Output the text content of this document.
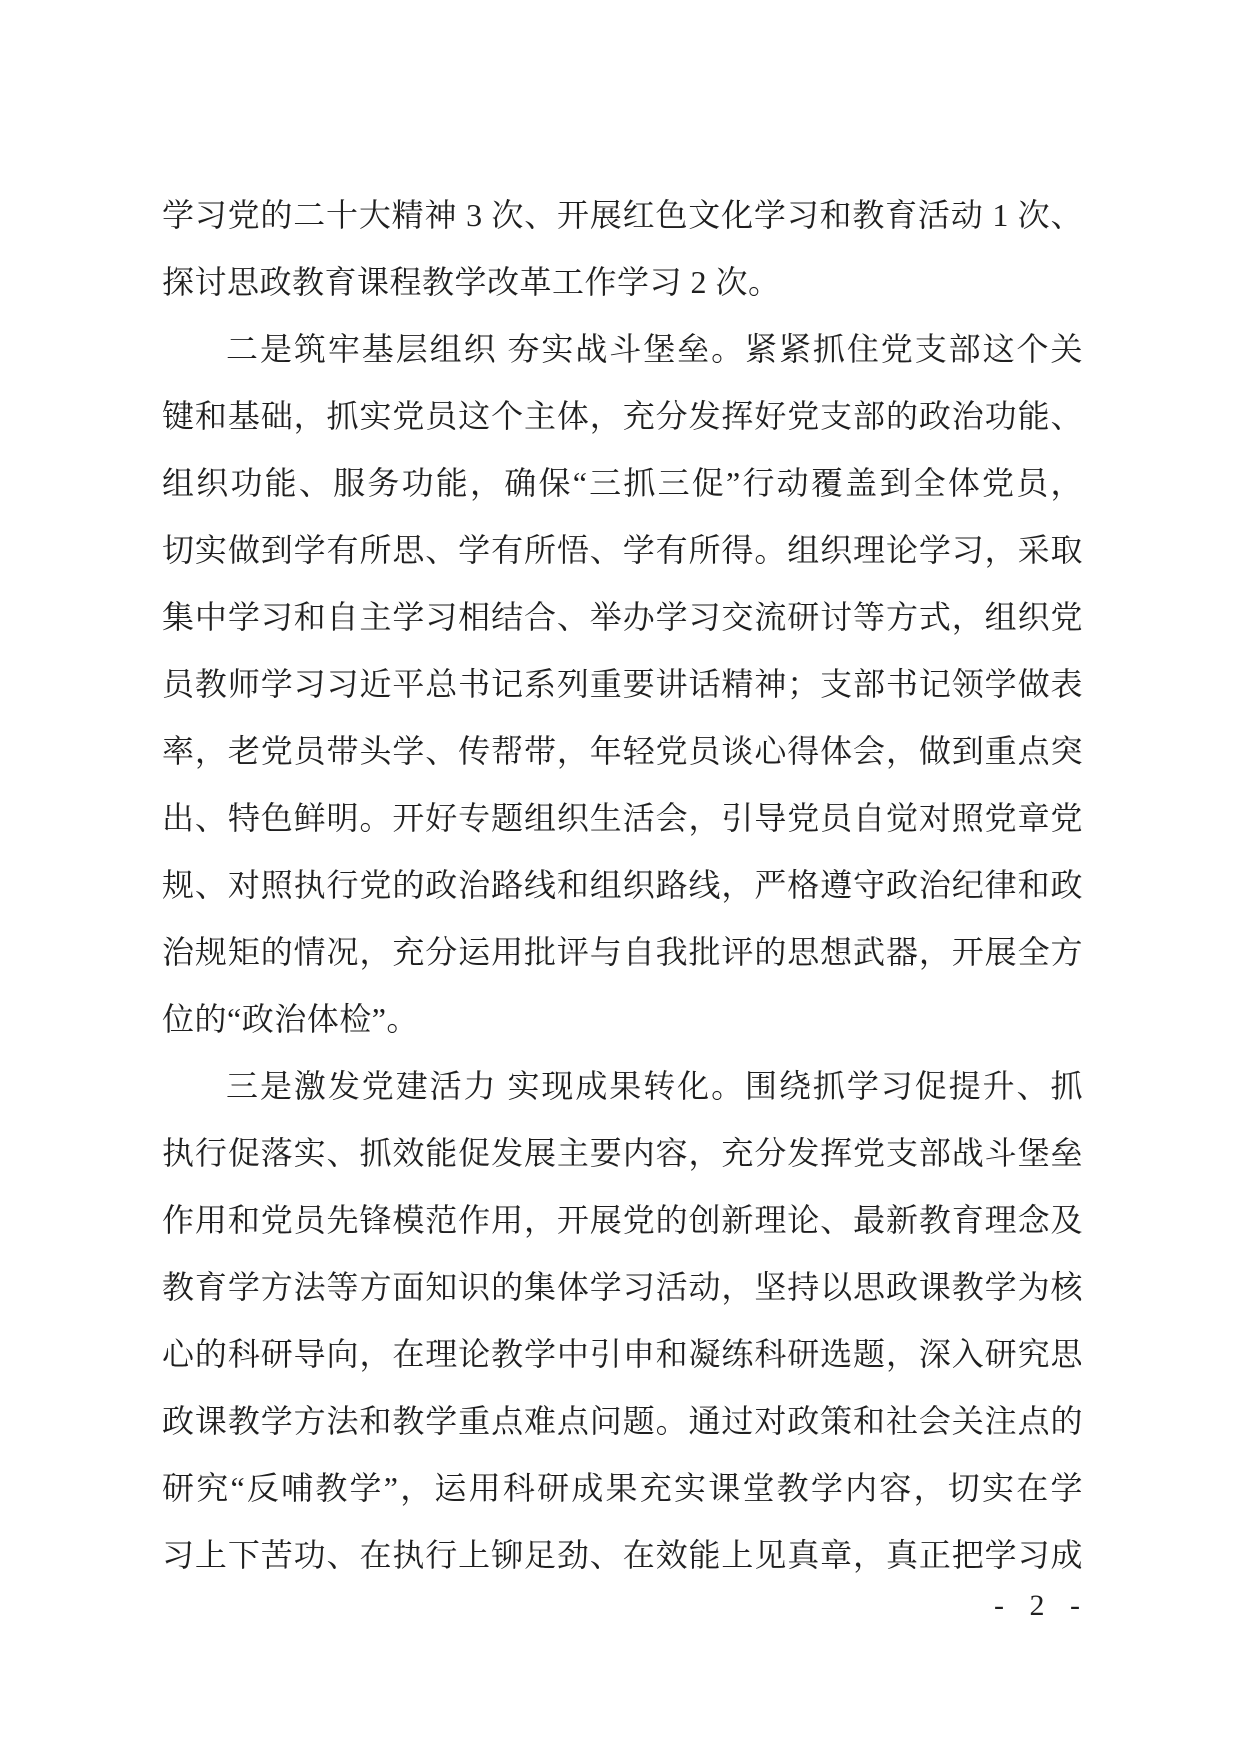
学习党的二十大精神 3 次、开展红色文化学习和教育活动 1 次、
探讨思政教育课程教学改革工作学习 2 次。
二是筑牢基层组织 夯实战斗堡垒。紧紧抓住党支部这个关
键和基础，抓实党员这个主体，充分发挥好党支部的政治功能、
组织功能、服务功能，确保“三抓三促”行动覆盖到全体党员，
切实做到学有所思、学有所悟、学有所得。组织理论学习，采取
集中学习和自主学习相结合、举办学习交流研讨等方式，组织党
员教师学习习近平总书记系列重要讲话精神；支部书记领学做表
率，老党员带头学、传帮带，年轻党员谈心得体会，做到重点突
出、特色鲜明。开好专题组织生活会，引导党员自觉对照党章党
规、对照执行党的政治路线和组织路线，严格遵守政治纪律和政
治规矩的情况，充分运用批评与自我批评的思想武器，开展全方
位的“政治体检”。
三是激发党建活力 实现成果转化。围绕抓学习促提升、抓
执行促落实、抓效能促发展主要内容，充分发挥党支部战斗堡垒
作用和党员先锋模范作用，开展党的创新理论、最新教育理念及
教育学方法等方面知识的集体学习活动，坚持以思政课教学为核
心的科研导向，在理论教学中引申和凝练科研选题，深入研究思
政课教学方法和教学重点难点问题。通过对政策和社会关注点的
研究“反哺教学”，运用科研成果充实课堂教学内容，切实在学
习上下苦功、在执行上铆足劲、在效能上见真章，真正把学习成
- 2 -
